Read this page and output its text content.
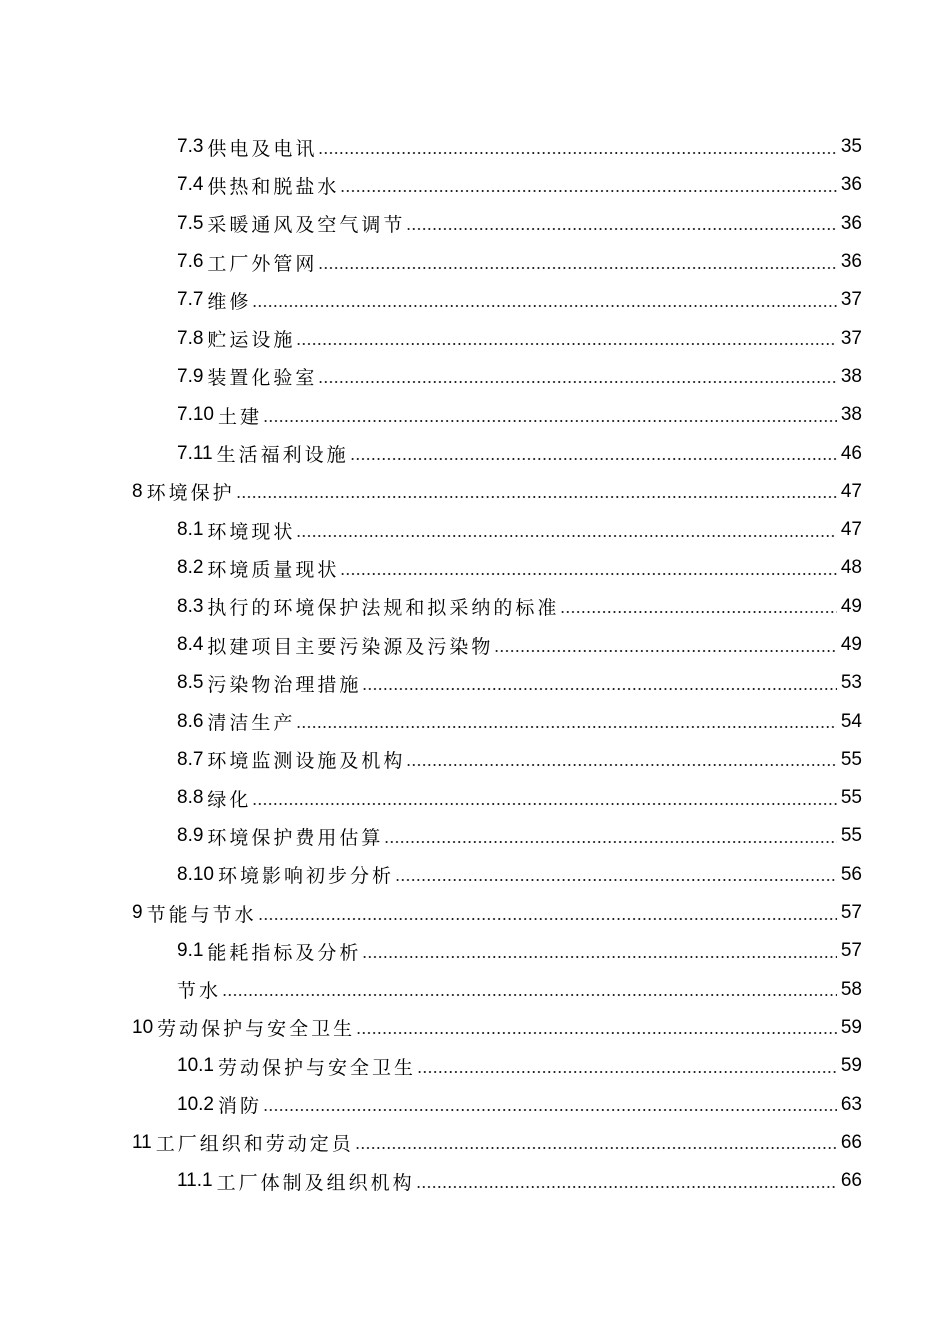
7.3 供电及电讯	35
7.4 供热和脱盐水	36
7.5 采暖通风及空气调节	36
7.6 工厂外管网	36
7.7 维修	37
7.8 贮运设施	37
7.9 装置化验室	38
7.10 土建	38
7.11 生活福利设施	46
8 环境保护	47
8.1 环境现状	47
8.2 环境质量现状	48
8.3 执行的环境保护法规和拟采纳的标准	49
8.4 拟建项目主要污染源及污染物	49
8.5 污染物治理措施	53
8.6 清洁生产	54
8.7 环境监测设施及机构	55
8.8 绿化	55
8.9 环境保护费用估算	55
8.10 环境影响初步分析	56
9 节能与节水	57
9.1 能耗指标及分析	57
节水	58
10 劳动保护与安全卫生	59
10.1 劳动保护与安全卫生	59
10.2 消防	63
11 工厂组织和劳动定员	66
11.1 工厂体制及组织机构	66
